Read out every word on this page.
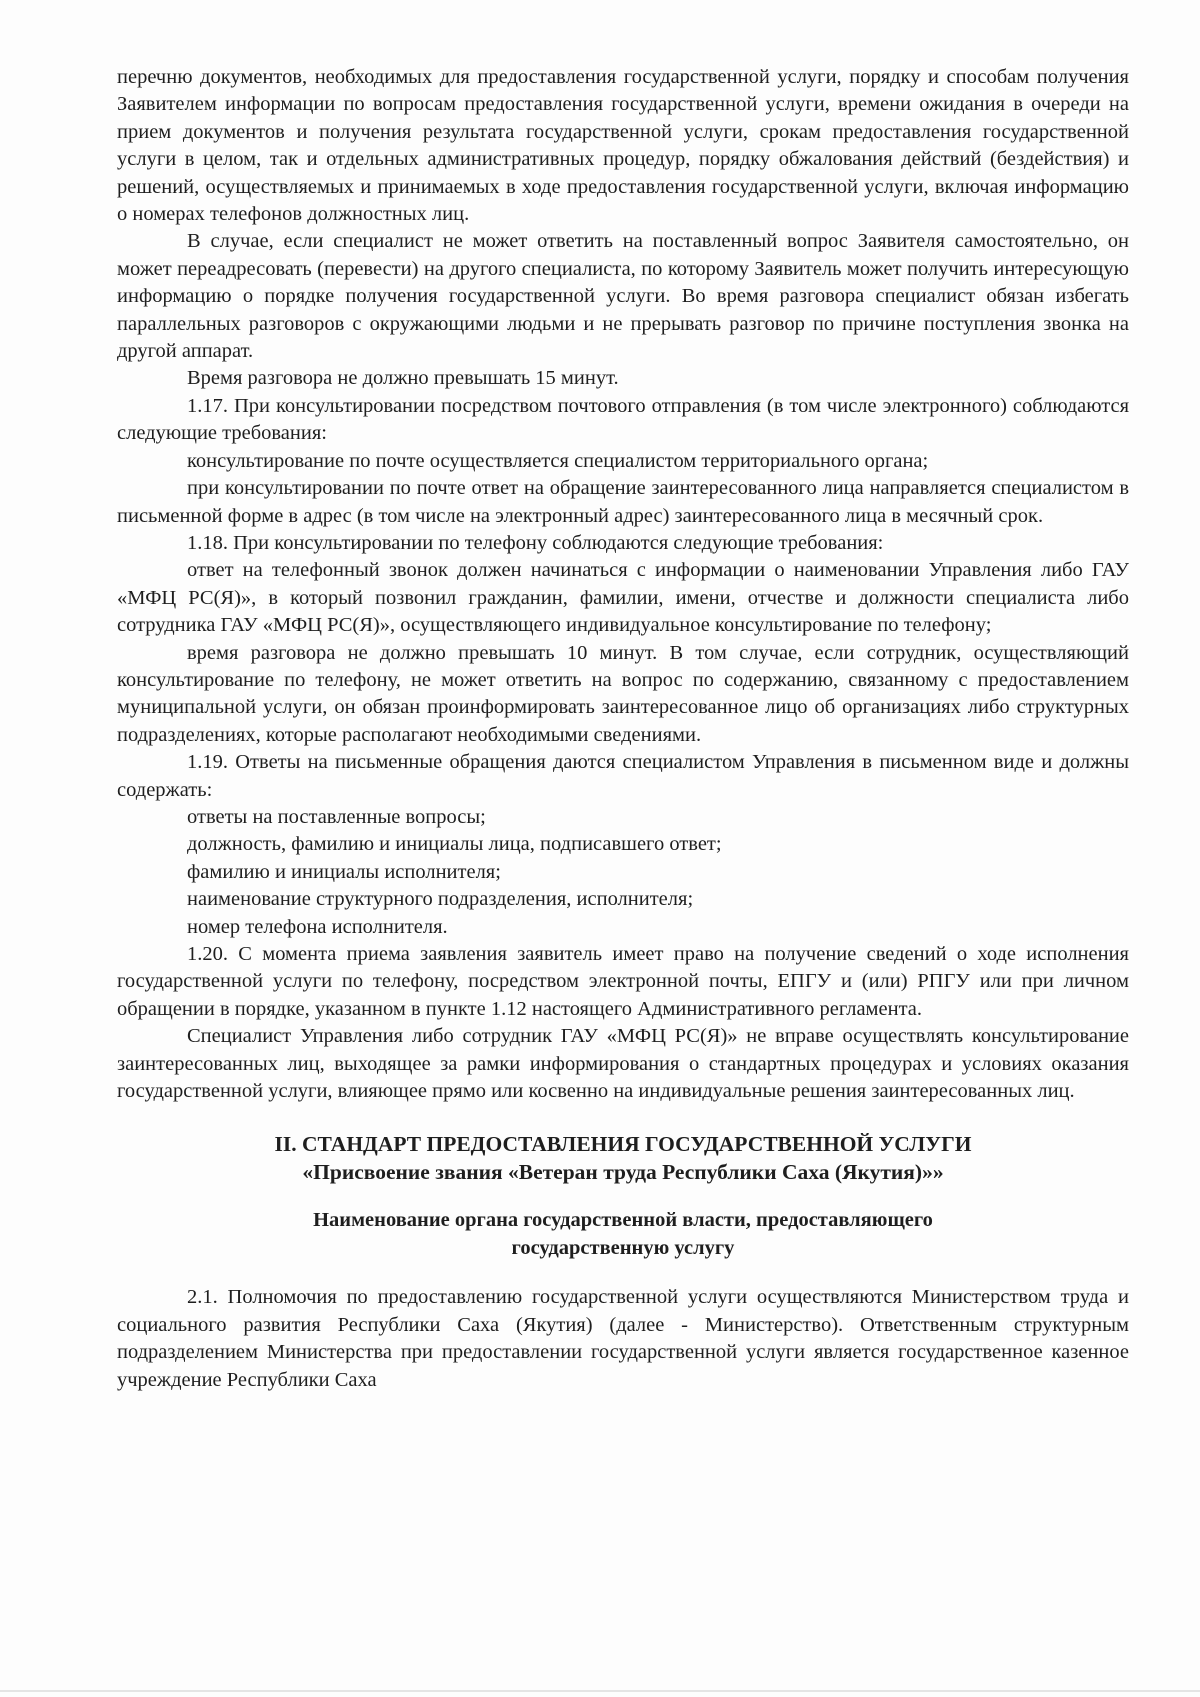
перечню документов, необходимых для предоставления государственной услуги, порядку и способам получения Заявителем информации по вопросам предоставления государственной услуги, времени ожидания в очереди на прием документов и получения результата государственной услуги, срокам предоставления государственной услуги в целом, так и отдельных административных процедур, порядку обжалования действий (бездействия) и решений, осуществляемых и принимаемых в ходе предоставления государственной услуги, включая информацию о номерах телефонов должностных лиц.

В случае, если специалист не может ответить на поставленный вопрос Заявителя самостоятельно, он может переадресовать (перевести) на другого специалиста, по которому Заявитель может получить интересующую информацию о порядке получения государственной услуги. Во время разговора специалист обязан избегать параллельных разговоров с окружающими людьми и не прерывать разговор по причине поступления звонка на другой аппарат.

Время разговора не должно превышать 15 минут.

1.17. При консультировании посредством почтового отправления (в том числе электронного) соблюдаются следующие требования:

консультирование по почте осуществляется специалистом территориального органа;

при консультировании по почте ответ на обращение заинтересованного лица направляется специалистом в письменной форме в адрес (в том числе на электронный адрес) заинтересованного лица в месячный срок.

1.18. При консультировании по телефону соблюдаются следующие требования:

ответ на телефонный звонок должен начинаться с информации о наименовании Управления либо ГАУ «МФЦ РС(Я)», в который позвонил гражданин, фамилии, имени, отчестве и должности специалиста либо сотрудника ГАУ «МФЦ РС(Я)», осуществляющего индивидуальное консультирование по телефону;

время разговора не должно превышать 10 минут. В том случае, если сотрудник, осуществляющий консультирование по телефону, не может ответить на вопрос по содержанию, связанному с предоставлением муниципальной услуги, он обязан проинформировать заинтересованное лицо об организациях либо структурных подразделениях, которые располагают необходимыми сведениями.

1.19. Ответы на письменные обращения даются специалистом Управления в письменном виде и должны содержать:

ответы на поставленные вопросы;

должность, фамилию и инициалы лица, подписавшего ответ;

фамилию и инициалы исполнителя;

наименование структурного подразделения, исполнителя;

номер телефона исполнителя.

1.20. С момента приема заявления заявитель имеет право на получение сведений о ходе исполнения государственной услуги по телефону, посредством электронной почты, ЕПГУ и (или) РПГУ или при личном обращении в порядке, указанном в пункте 1.12 настоящего Административного регламента.

Специалист Управления либо сотрудник ГАУ «МФЦ РС(Я)» не вправе осуществлять консультирование заинтересованных лиц, выходящее за рамки информирования о стандартных процедурах и условиях оказания государственной услуги, влияющее прямо или косвенно на индивидуальные решения заинтересованных лиц.

II. СТАНДАРТ ПРЕДОСТАВЛЕНИЯ ГОСУДАРСТВЕННОЙ УСЛУГИ
«Присвоение звания «Ветеран труда Республики Саха (Якутия)»»

Наименование органа государственной власти, предоставляющего
государственную услугу

2.1. Полномочия по предоставлению государственной услуги осуществляются Министерством труда и социального развития Республики Саха (Якутия) (далее - Министерство). Ответственным структурным подразделением Министерства при предоставлении государственной услуги является государственное казенное учреждение Республики Саха
